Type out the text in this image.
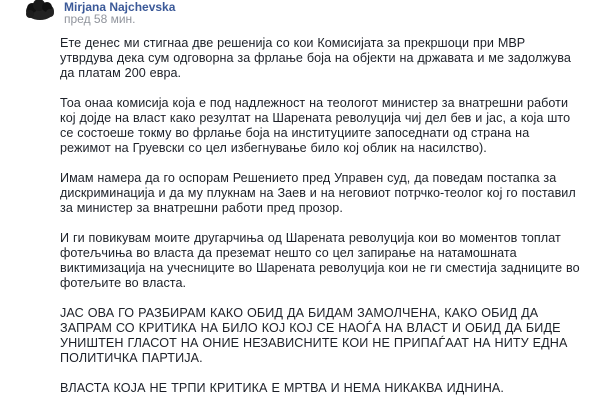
Mirjana Najchevska
пред 58 мин.

Ете денес ми стигнаа две решенија со кои Комисијата за прекршоци при МВР утврдува дека сум одговорна за фрлање боја на објекти на државата и ме задолжува да платам 200 евра.

Тоа онаа комисија која е под надлежност на теологот министер за внатрешни работи кој дојде на власт како резултат на Шарената револуција чиј дел бев и јас, а која што се состоеше токму во фрлање боја на институциите запоседнати од страна на режимот на Груевски со цел избегнување било кој облик на насилство).

Имам намера да го оспорам Решението пред Управен суд, да поведам постапка за дискриминација и да му плукнам на Заев и на неговиот потрчко-теолог кој го поставил за министер за внатрешни работи пред прозор.

И ги повикувам моите другарчиња од Шарената револуција кои во моментов топлат фотељчиња во власта да преземат нешто со цел запирање на натамошната виктимизација на учесниците во Шарената револуција кои не ги сместија задниците во фотељите во власта.

ЈАС ОВА ГО РАЗБИРАМ КАКО ОБИД ДА БИДАМ ЗАМОЛЧЕНА, КАКО ОБИД ДА ЗАПРАМ СО КРИТИКА НА БИЛО КОЈ КОЈ СЕ НАОЃА НА ВЛАСТ И ОБИД ДА БИДЕ УНИШТЕН ГЛАСОТ НА ОНИЕ НЕЗАВИСНИТЕ КОИ НЕ ПРИПАЃААТ НА НИТУ ЕДНА ПОЛИТИЧКА ПАРТИЈА.

ВЛАСТА КОЈА НЕ ТРПИ КРИТИКА Е МРТВА И НЕМА НИКАКВА ИДНИНА.
